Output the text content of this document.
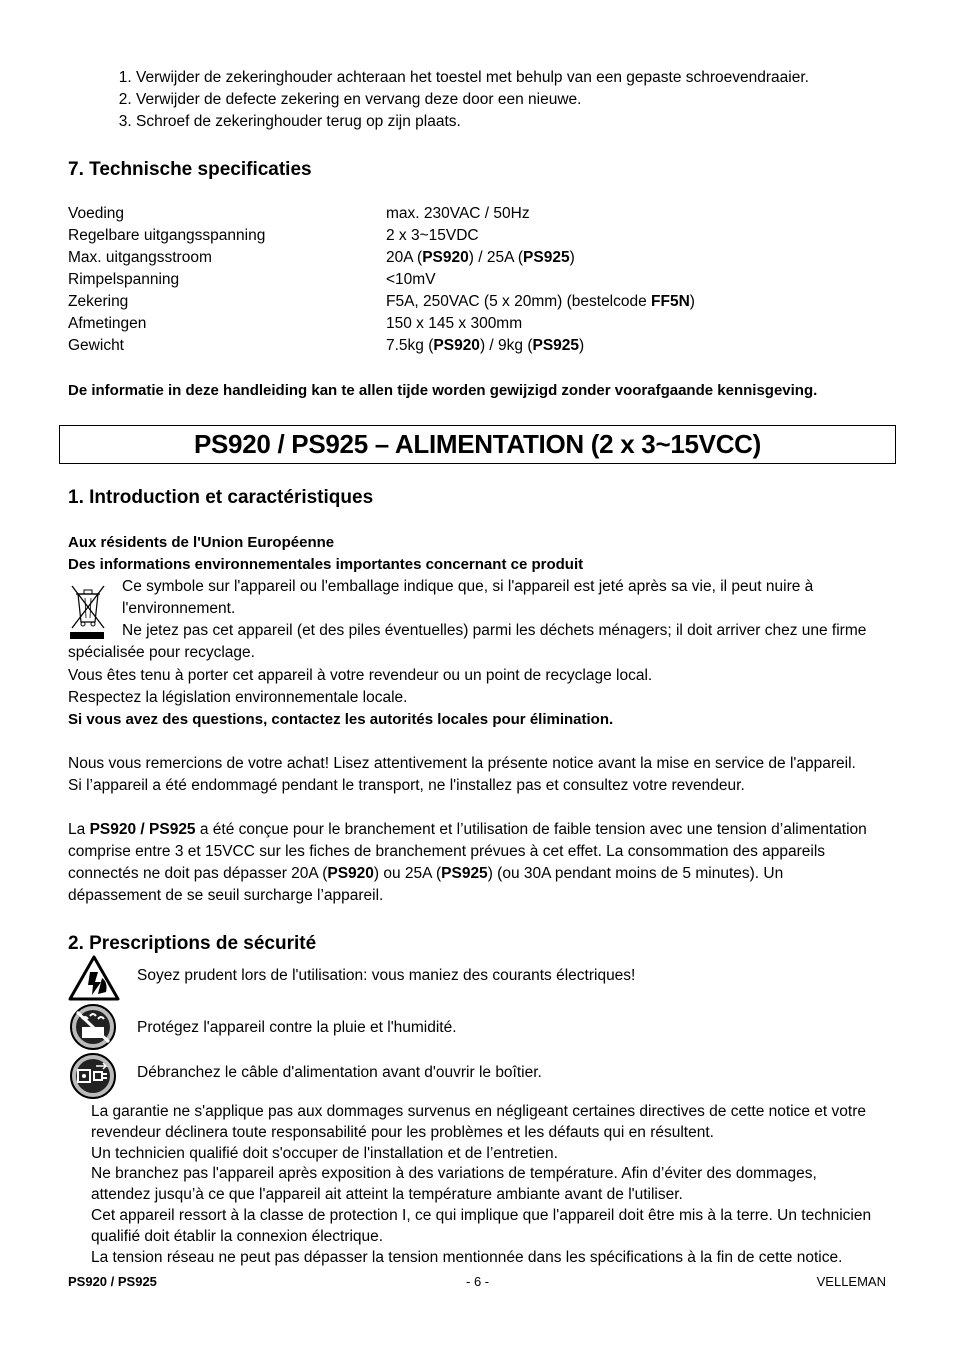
1. Verwijder de zekeringhouder achteraan het toestel met behulp van een gepaste schroevendraaier.
2. Verwijder de defecte zekering en vervang deze door een nieuwe.
3. Schroef de zekeringhouder terug op zijn plaats.
7. Technische specificaties
Voeding	max. 230VAC / 50Hz
Regelbare uitgangsspanning	2 x 3~15VDC
Max. uitgangsstroom	20A (PS920) / 25A (PS925)
Rimpelspanning	<10mV
Zekering	F5A, 250VAC (5 x 20mm) (bestelcode FF5N)
Afmetingen	150 x 145 x 300mm
Gewicht	7.5kg (PS920) / 9kg (PS925)
De informatie in deze handleiding kan te allen tijde worden gewijzigd zonder voorafgaande kennisgeving.
PS920 / PS925 – ALIMENTATION (2 x 3~15VCC)
1. Introduction et caractéristiques
Aux résidents de l'Union Européenne
Des informations environnementales importantes concernant ce produit
Ce symbole sur l'appareil ou l'emballage indique que, si l'appareil est jeté après sa vie, il peut nuire à
l'environnement.
Ne jetez pas cet appareil (et des piles éventuelles) parmi les déchets ménagers; il doit arriver chez une firme
spécialisée pour recyclage.
Vous êtes tenu à porter cet appareil à votre revendeur ou un point de recyclage local.
Respectez la législation environnementale locale.
Si vous avez des questions, contactez les autorités locales pour élimination.
Nous vous remercions de votre achat! Lisez attentivement la présente notice avant la mise en service de l'appareil.
Si l’appareil a été endommagé pendant le transport, ne l'installez pas et consultez votre revendeur.
La PS920 / PS925 a été conçue pour le branchement et l’utilisation de faible tension avec une tension d’alimentation
comprise entre 3 et 15VCC sur les fiches de branchement prévues à cet effet. La consommation des appareils
connectés ne doit pas dépasser 20A (PS920) ou 25A (PS925) (ou 30A pendant moins de 5 minutes). Un
dépassement de se seuil surcharge l’appareil.
2. Prescriptions de sécurité
Soyez prudent lors de l'utilisation: vous maniez des courants électriques!
Protégez l'appareil contre la pluie et l'humidité.
Débranchez le câble d'alimentation avant d'ouvrir le boîtier.

La garantie ne s'applique pas aux dommages survenus en négligeant certaines directives de cette notice et votre

revendeur déclinera toute responsabilité pour les problèmes et les défauts qui en résultent.

Un technicien qualifié doit s'occuper de l'installation et de l’entretien.

Ne branchez pas l'appareil après exposition à des variations de température. Afin d’éviter des dommages,

attendez jusqu’à ce que l'appareil ait atteint la température ambiante avant de l'utiliser.

Cet appareil ressort à la classe de protection I, ce qui implique que l'appareil doit être mis à la terre. Un technicien

qualifié doit établir la connexion électrique.

La tension réseau ne peut pas dépasser la tension mentionnée dans les spécifications à la fin de cette notice.

PS920 / PS925	- 6 -	VELLEMAN
